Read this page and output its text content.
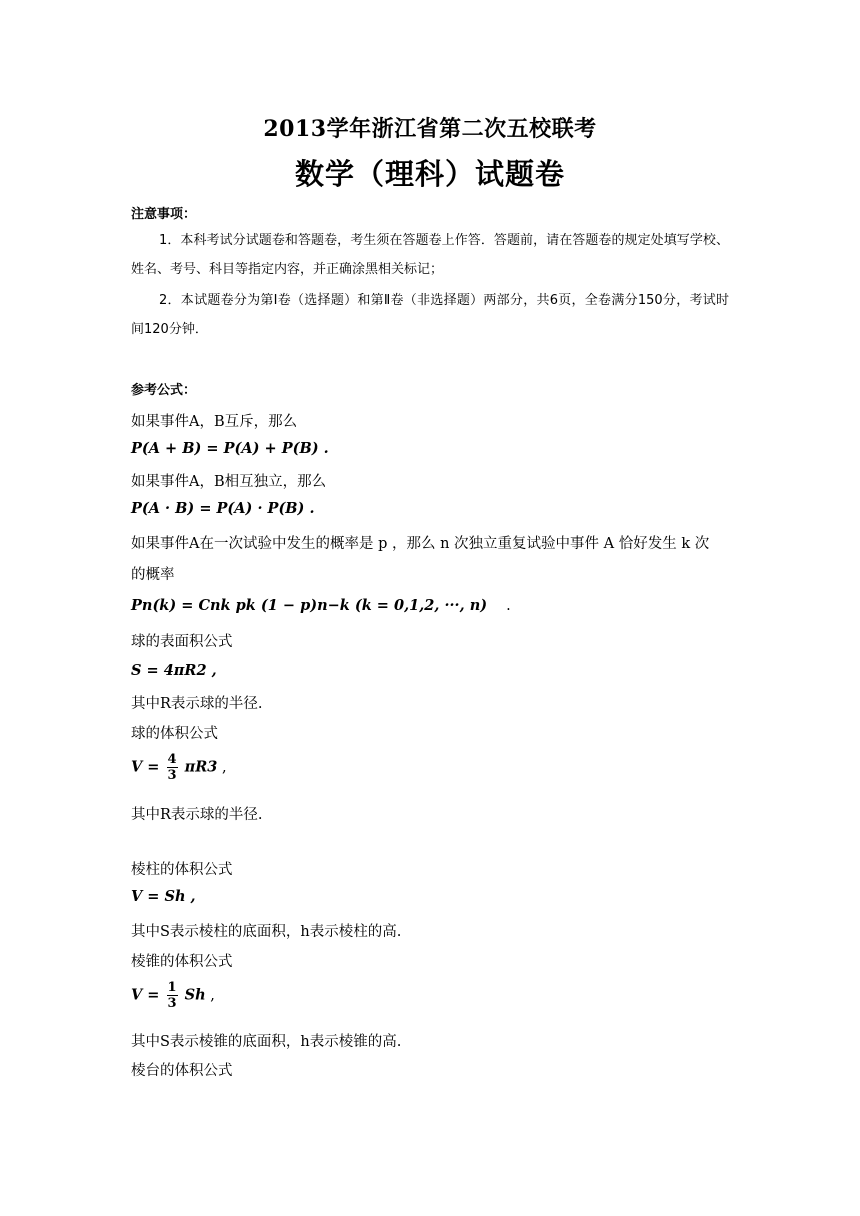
2013学年浙江省第二次五校联考
数学（理科）试题卷
注意事项：
1．本科考试分试题卷和答题卷，考生须在答题卷上作答．答题前，请在答题卷的规定处填写学校、姓名、考号、科目等指定内容，并正确涂黑相关标记；
2．本试题卷分为第Ⅰ卷（选择题）和第Ⅱ卷（非选择题）两部分，共6页，全卷满分150分，考试时间120分钟．
参考公式：
如果事件A，B互斥，那么
P(A + B) = P(A) + P(B) .
如果事件A，B相互独立，那么
P(A · B) = P(A) · P(B) .
如果事件A在一次试验中发生的概率是 p ，那么 n 次独立重复试验中事件 A 恰好发生 k 次
的概率
Pn(k) = Cnk pk (1 − p)n−k (k = 0,1,2, ···, n) .
球的表面积公式
S = 4πR2 ,
其中R表示球的半径.
球的体积公式
$V = \frac{4}{3} \pi R3$ ,
其中R表示球的半径.
棱柱的体积公式
V = Sh ,
其中S表示棱柱的底面积，h表示棱柱的高.
棱锥的体积公式
$V = \frac{1}{3}$ Sh ,
其中S表示棱锥的底面积，h表示棱锥的高.
棱台的体积公式
